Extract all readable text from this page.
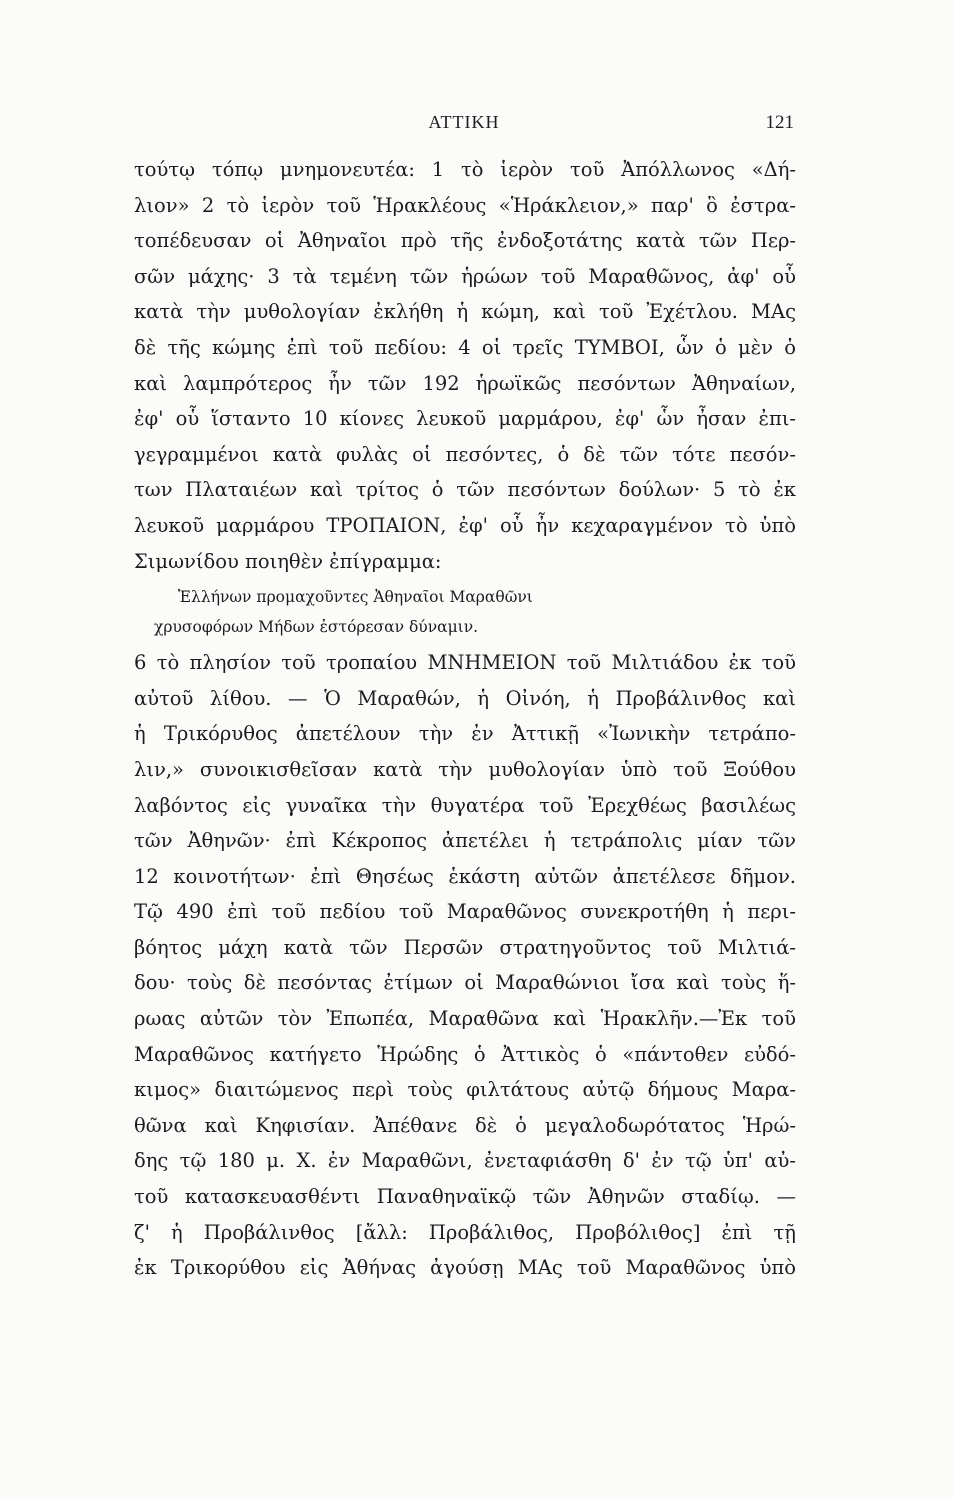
ΑΤΤΙΚΗ	121
τούτῳ τόπῳ μνημονευτέα: 1 τὸ ἱερὸν τοῦ Ἀπόλλωνος «Δή-
λιον» 2 τὸ ἱερὸν τοῦ Ἡρακλέους «Ἡράκλειον,» παρ' ὃ ἐστρα-
τοπέδευσαν οἱ Ἀθηναῖοι πρὸ τῆς ἐνδοξοτάτης κατὰ τῶν Περ-
σῶν μάχης· 3 τὰ τεμένη τῶν ἡρώων τοῦ Μαραθῶνος, ἀφ' οὗ
κατὰ τὴν μυθολογίαν ἐκλήθη ἡ κώμη, καὶ τοῦ Ἐχέτλου. ΜΑς
δὲ τῆς κώμης ἐπὶ τοῦ πεδίου: 4 οἱ τρεῖς ΤΥΜΒΟΙ, ὧν ὁ μὲν ὁ
καὶ λαμπρότερος ἦν τῶν 192 ἡρωϊκῶς πεσόντων Ἀθηναίων,
ἐφ' οὗ ἵσταντο 10 κίονες λευκοῦ μαρμάρου, ἐφ' ὧν ἦσαν ἐπι-
γεγραμμένοι κατὰ φυλὰς οἱ πεσόντες, ὁ δὲ τῶν τότε πεσόν-
των Πλαταιέων καὶ τρίτος ὁ τῶν πεσόντων δούλων· 5 τὸ ἐκ
λευκοῦ μαρμάρου ΤΡΟΠΑΙΟΝ, ἐφ' οὗ ἦν κεχαραγμένον τὸ ὑπὸ
Σιμωνίδου ποιηθὲν ἐπίγραμμα:
Ἑλλήνων προμαχοῦντες Ἀθηναῖοι Μαραθῶνι
χρυσοφόρων Μήδων ἐστόρεσαν δύναμιν.
6 τὸ πλησίον τοῦ τροπαίου ΜΝΗΜΕΙΟΝ τοῦ Μιλτιάδου ἐκ τοῦ
αὐτοῦ λίθου. — Ὁ Μαραθών, ἡ Οἰνόη, ἡ Προβάλινθος καὶ
ἡ Τρικόρυθος ἀπετέλουν τὴν ἐν Ἀττικῇ «Ἰωνικὴν τετράπο-
λιν,» συνοικισθεῖσαν κατὰ τὴν μυθολογίαν ὑπὸ τοῦ Ξούθου
λαβόντος εἰς γυναῖκα τὴν θυγατέρα τοῦ Ἐρεχθέως βασιλέως
τῶν Ἀθηνῶν· ἐπὶ Κέκροπος ἀπετέλει ἡ τετράπολις μίαν τῶν
12 κοινοτήτων· ἐπὶ Θησέως ἑκάστη αὐτῶν ἀπετέλεσε δῆμον.
Τῷ 490 ἐπὶ τοῦ πεδίου τοῦ Μαραθῶνος συνεκροτήθη ἡ περι-
βόητος μάχη κατὰ τῶν Περσῶν στρατηγοῦντος τοῦ Μιλτιά-
δου· τοὺς δὲ πεσόντας ἐτίμων οἱ Μαραθώνιοι ἴσα καὶ τοὺς ἥ-
ρωας αὐτῶν τὸν Ἐπωπέα, Μαραθῶνα καὶ Ἡρακλῆν.—Ἐκ τοῦ
Μαραθῶνος κατήγετο Ἡρώδης ὁ Ἀττικὸς ὁ «πάντοθεν εὐδό-
κιμος» διαιτώμενος περὶ τοὺς φιλτάτους αὐτῷ δήμους Μαρα-
θῶνα καὶ Κηφισίαν. Ἀπέθανε δὲ ὁ μεγαλοδωρότατος Ἡρώ-
δης τῷ 180 μ. Χ. ἐν Μαραθῶνι, ἐνεταφιάσθη δ' ἐν τῷ ὑπ' αὐ-
τοῦ κατασκευασθέντι Παναθηναϊκῷ τῶν Ἀθηνῶν σταδίῳ. —
ζ' ἡ Προβάλινθος [ἄλλ: Προβάλιθος, Προβόλιθος] ἐπὶ τῇ
ἐκ Τρικορύθου εἰς Ἀθήνας ἀγούσῃ ΜΑς τοῦ Μαραθῶνος ὑπὸ
